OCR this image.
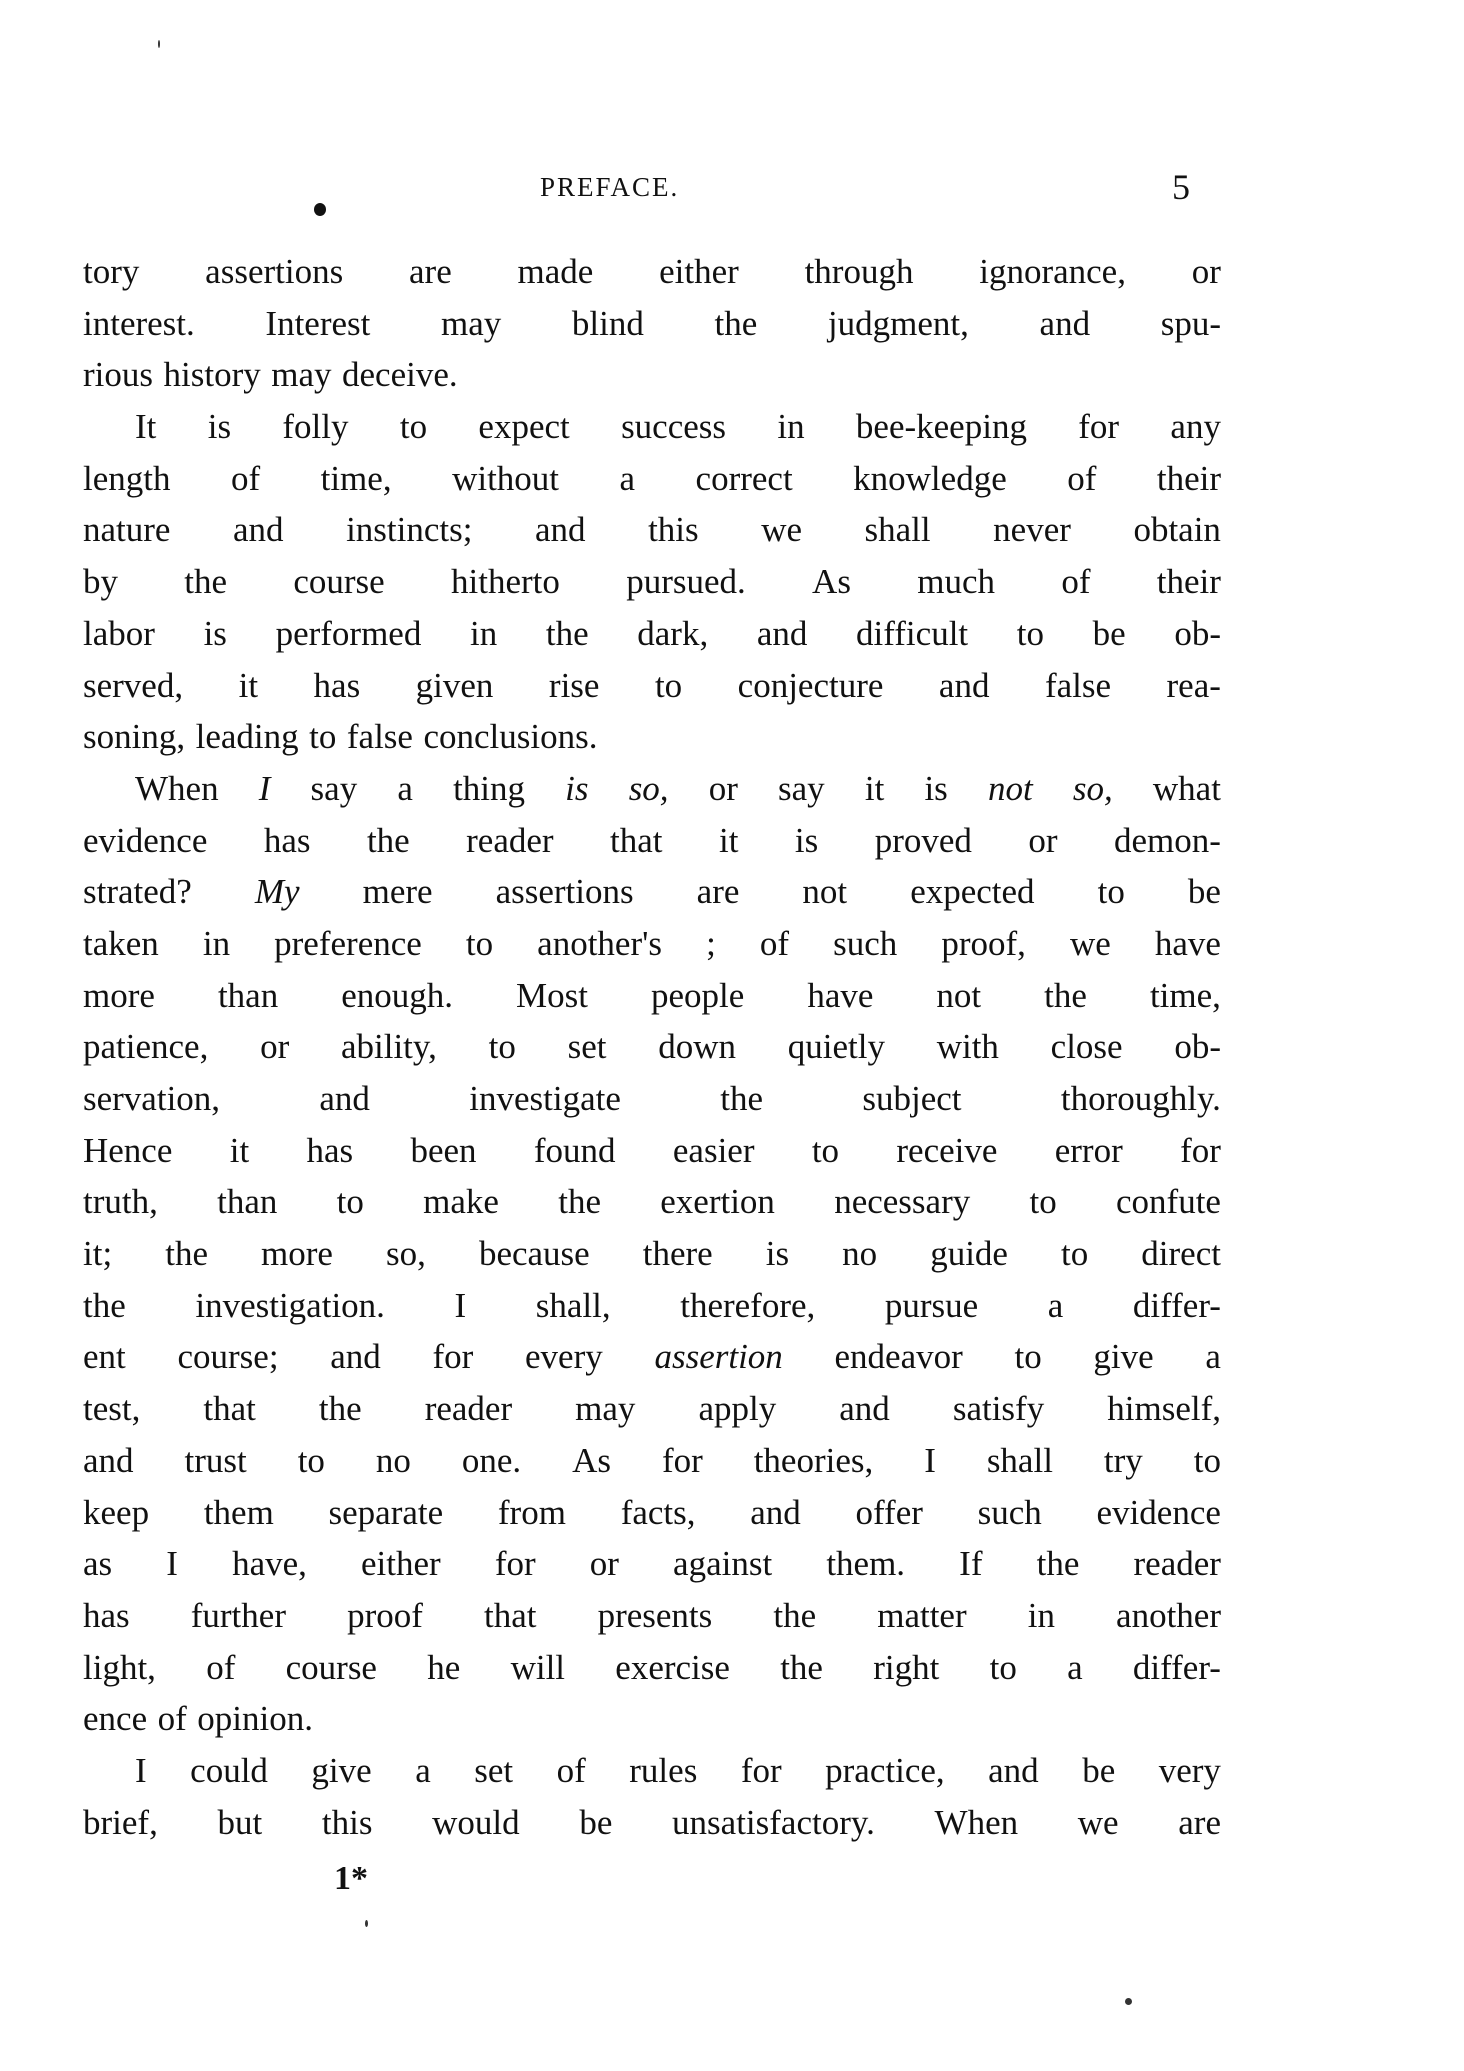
PREFACE.	5
tory assertions are made either through ignorance, or
interest. Interest may blind the judgment, and spu-
rious history may deceive.
It is folly to expect success in bee-keeping for any
length of time, without a correct knowledge of their
nature and instincts; and this we shall never obtain
by the course hitherto pursued. As much of their
labor is performed in the dark, and difficult to be ob-
served, it has given rise to conjecture and false rea-
soning, leading to false conclusions.
When I say a thing is so, or say it is not so, what
evidence has the reader that it is proved or demon-
strated? My mere assertions are not expected to be
taken in preference to another's ; of such proof, we have
more than enough. Most people have not the time,
patience, or ability, to set down quietly with close ob-
servation,	and	investigate	the	subject	thoroughly.
Hence it has been found easier to receive error for
truth, than to make the exertion necessary to confute
it; the more so, because there is no guide to direct
the investigation. I shall, therefore, pursue a differ-
ent course; and for every assertion endeavor to give a
test, that the reader may apply and satisfy himself,
and trust to no one. As for theories, I shall try to
keep them separate from facts, and offer such evidence
as I have, either for or against them. If the reader
has further proof that presents the matter in another
light, of course he will exercise the right to a differ-
ence of opinion.
I could give a set of rules for practice, and be very
brief, but this would be unsatisfactory. When we are
1*
